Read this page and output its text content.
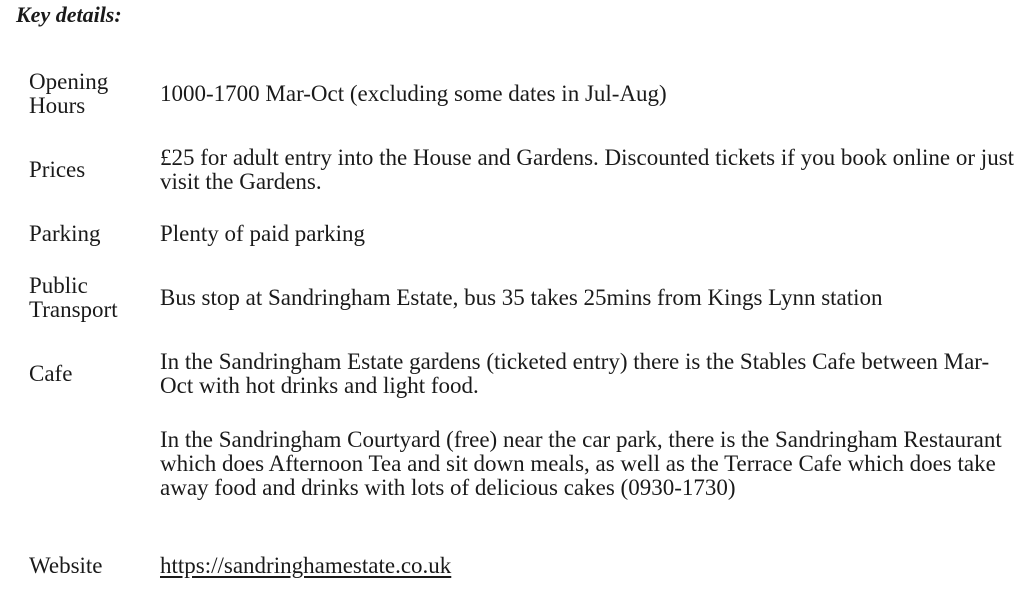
Key details:
Opening Hours	1000-1700 Mar-Oct (excluding some dates in Jul-Aug)
Prices	£25 for adult entry into the House and Gardens. Discounted tickets if you book online or just visit the Gardens.
Parking	Plenty of paid parking
Public Transport	Bus stop at Sandringham Estate, bus 35 takes 25mins from Kings Lynn station
Cafe	In the Sandringham Estate gardens (ticketed entry) there is the Stables Cafe between Mar-Oct with hot drinks and light food.
In the Sandringham Courtyard (free) near the car park, there is the Sandringham Restaurant which does Afternoon Tea and sit down meals, as well as the Terrace Cafe which does take away food and drinks with lots of delicious cakes (0930-1730)
Website	https://sandringhamestate.co.uk
